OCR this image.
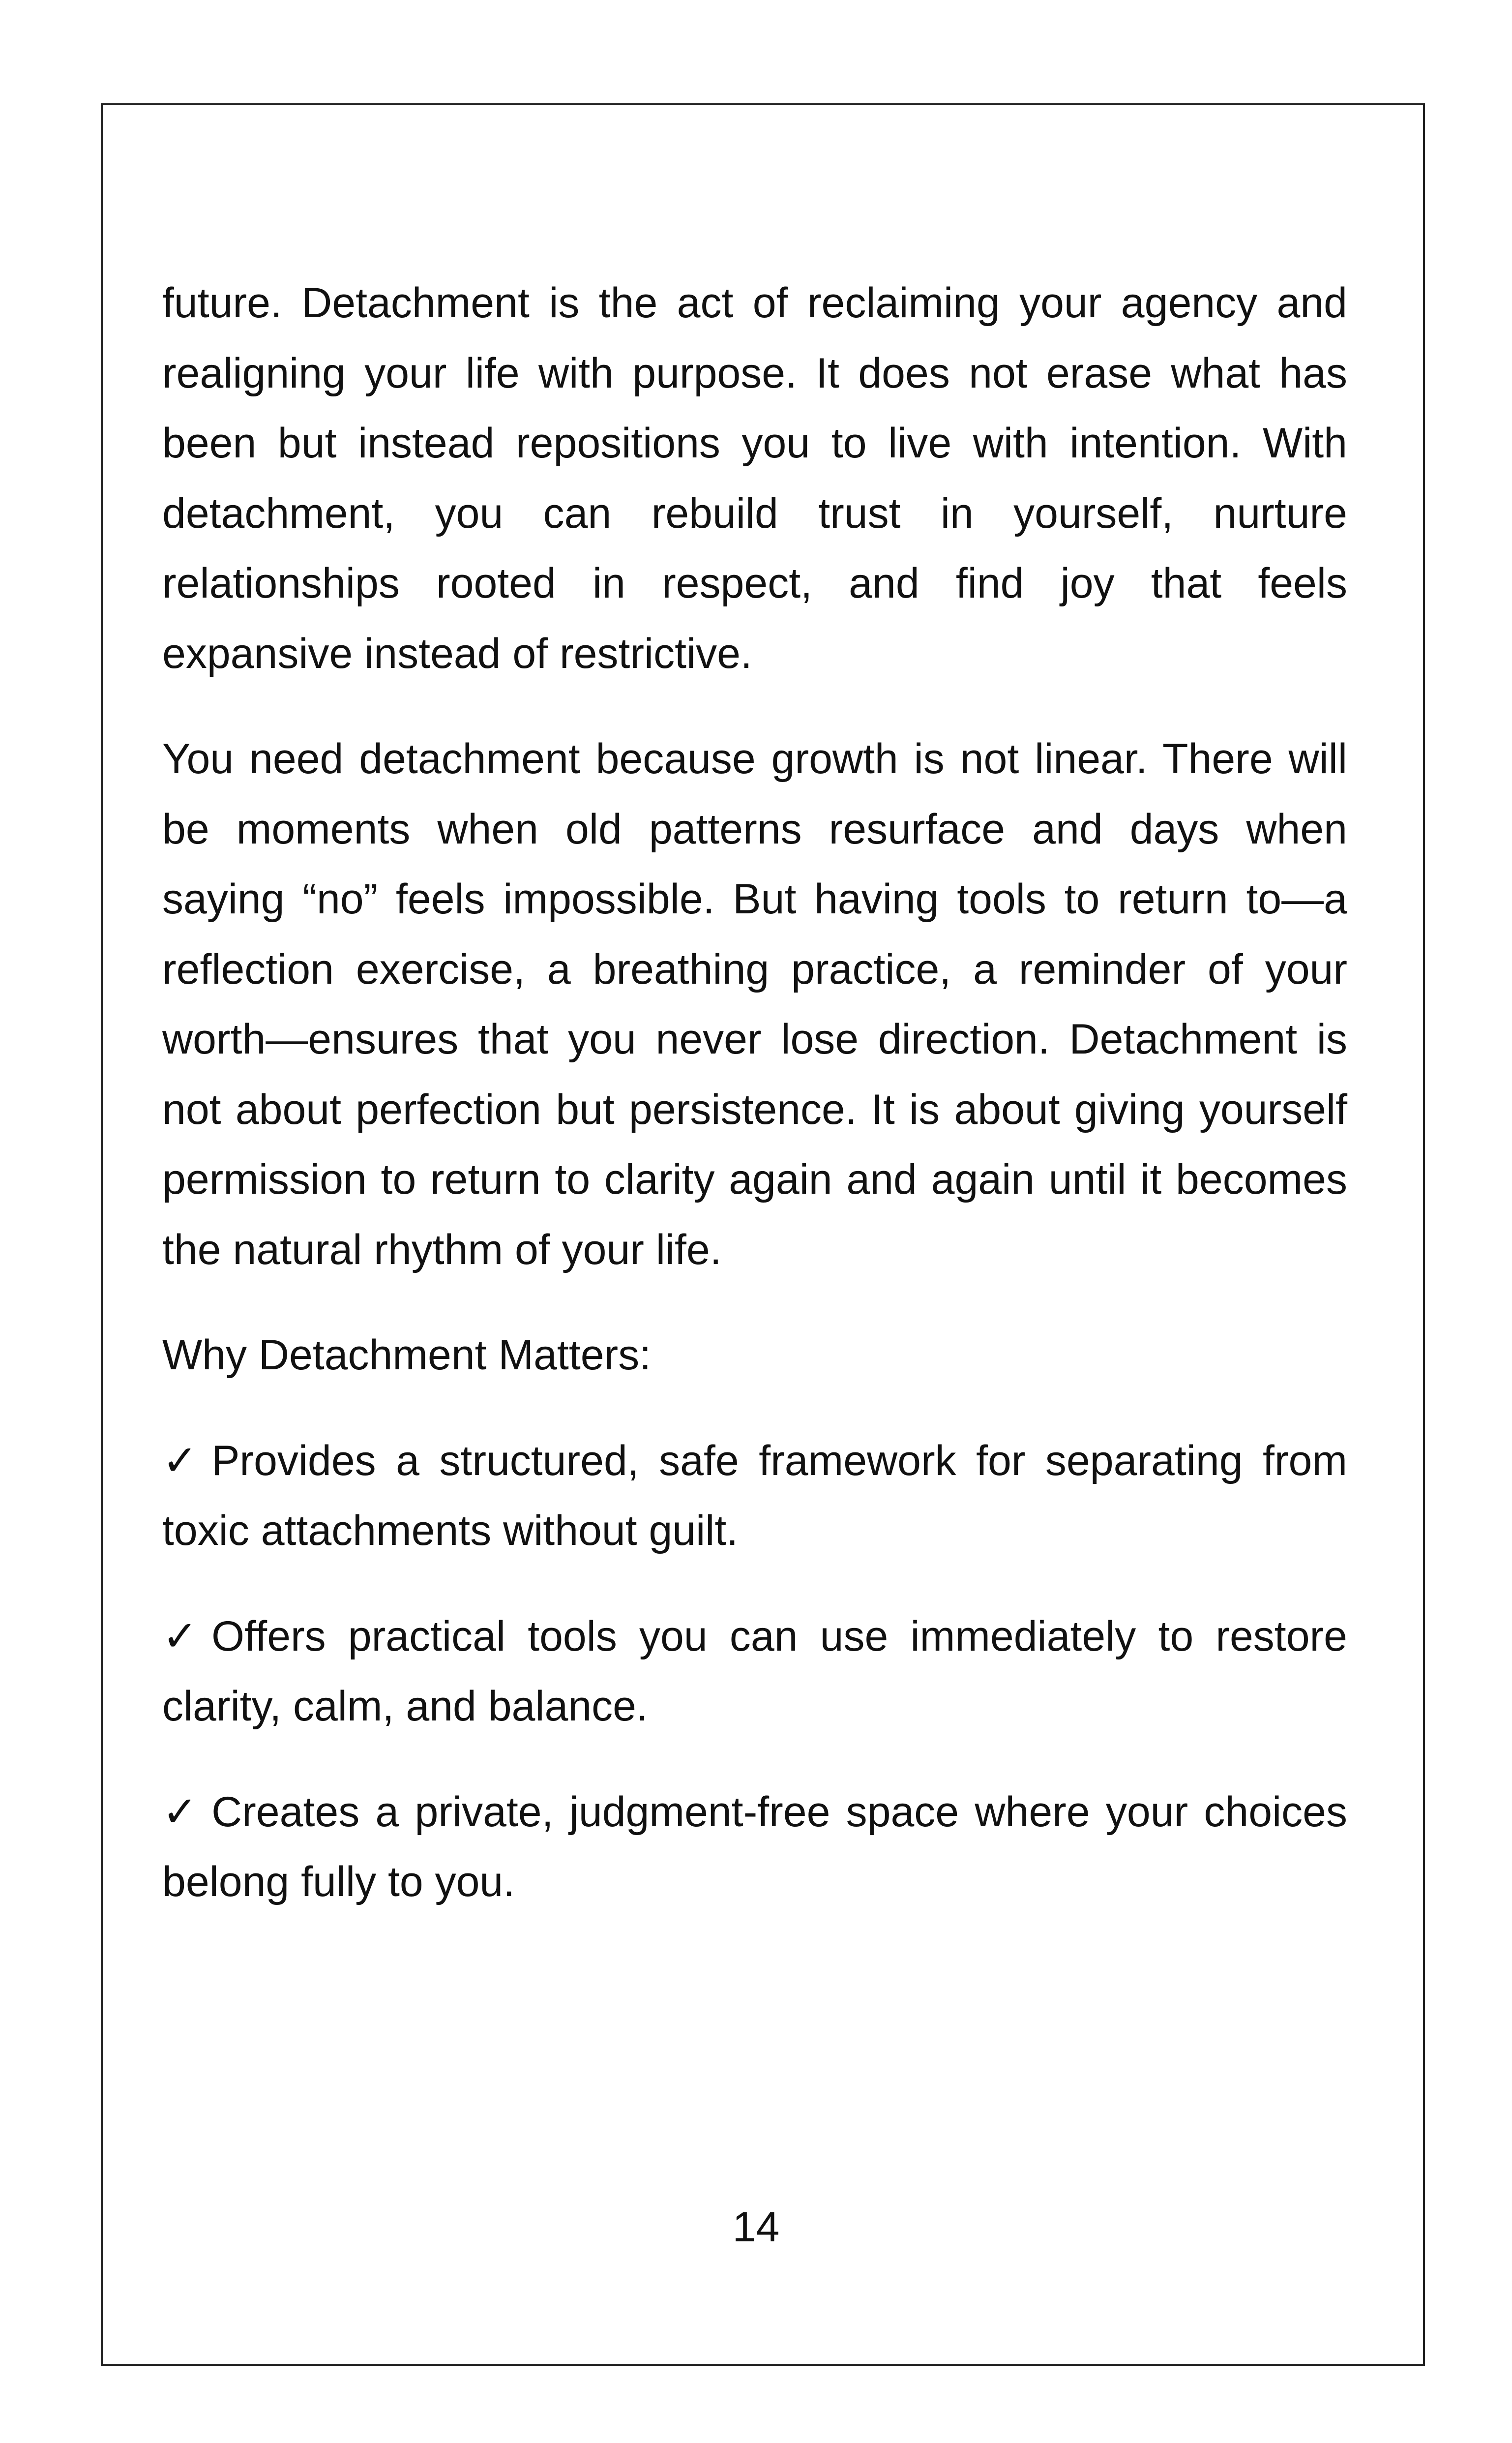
future. Detachment is the act of reclaiming your agency and realigning your life with purpose. It does not erase what has been but instead repositions you to live with intention. With detachment, you can rebuild trust in yourself, nurture relationships rooted in respect, and find joy that feels expansive instead of restrictive.

You need detachment because growth is not linear. There will be moments when old patterns resurface and days when saying “no” feels impossible. But having tools to return to—a reflection exercise, a breathing practice, a reminder of your worth—ensures that you never lose direction. Detachment is not about perfection but persistence. It is about giving yourself permission to return to clarity again and again until it becomes the natural rhythm of your life.

Why Detachment Matters:

✓ Provides a structured, safe framework for separating from toxic attachments without guilt.

✓ Offers practical tools you can use immediately to restore clarity, calm, and balance.

✓ Creates a private, judgment-free space where your choices belong fully to you.

14
